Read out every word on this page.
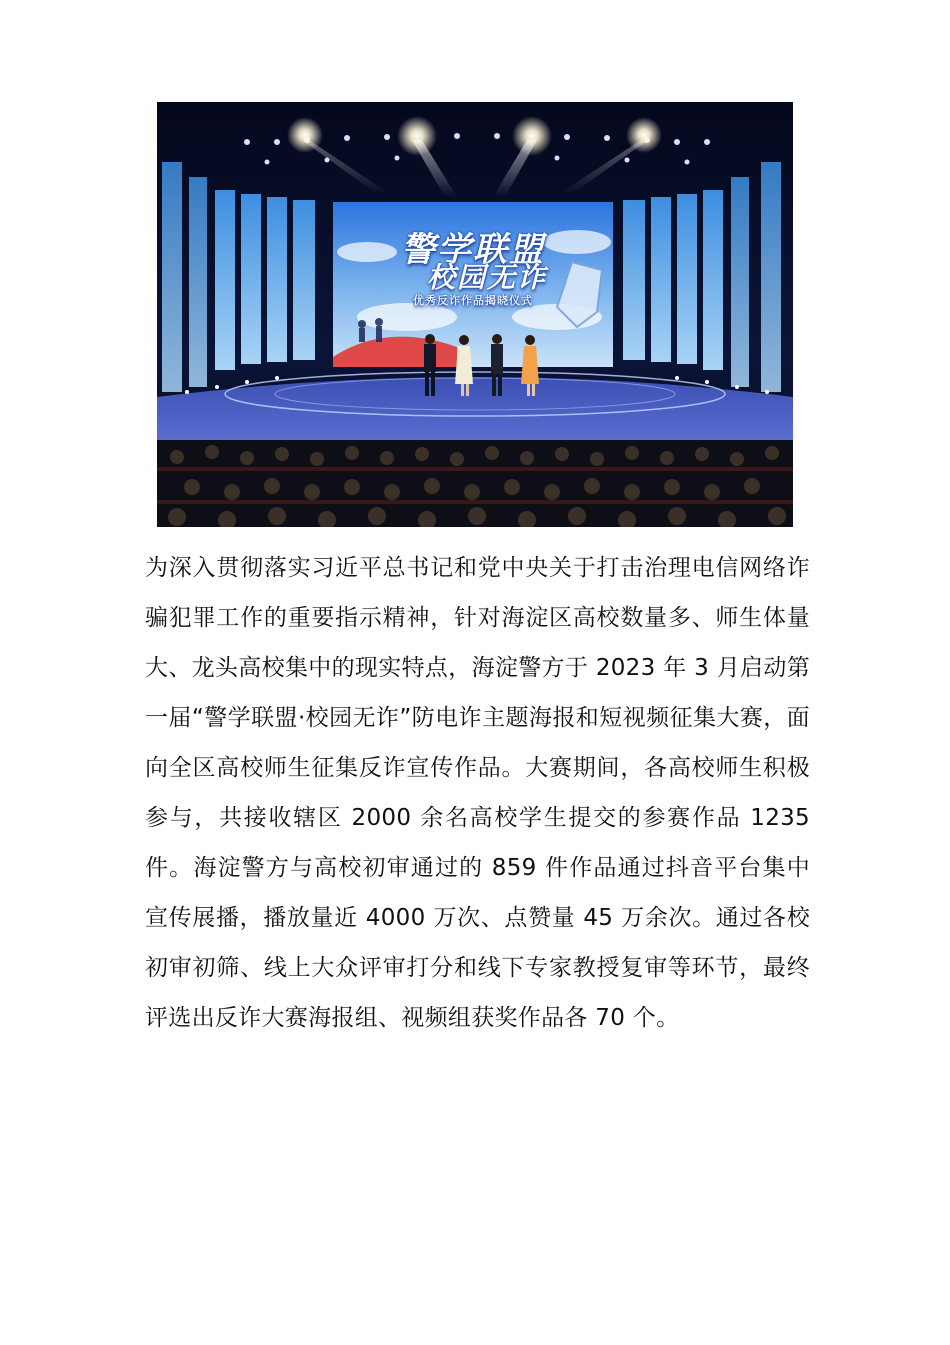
警学联盟
校园无诈
优秀反诈作品揭晓仪式

为深入贯彻落实习近平总书记和党中央关于打击治理电信网络诈骗犯罪工作的重要指示精神，针对海淀区高校数量多、师生体量大、龙头高校集中的现实特点，海淀警方于 2023 年 3 月启动第一届“警学联盟·校园无诈”防电诈主题海报和短视频征集大赛，面向全区高校师生征集反诈宣传作品。大赛期间，各高校师生积极参与，共接收辖区 2000 余名高校学生提交的参赛作品 1235 件。海淀警方与高校初审通过的 859 件作品通过抖音平台集中宣传展播，播放量近 4000 万次、点赞量 45 万余次。通过各校初审初筛、线上大众评审打分和线下专家教授复审等环节，最终评选出反诈大赛海报组、视频组获奖作品各 70 个。
